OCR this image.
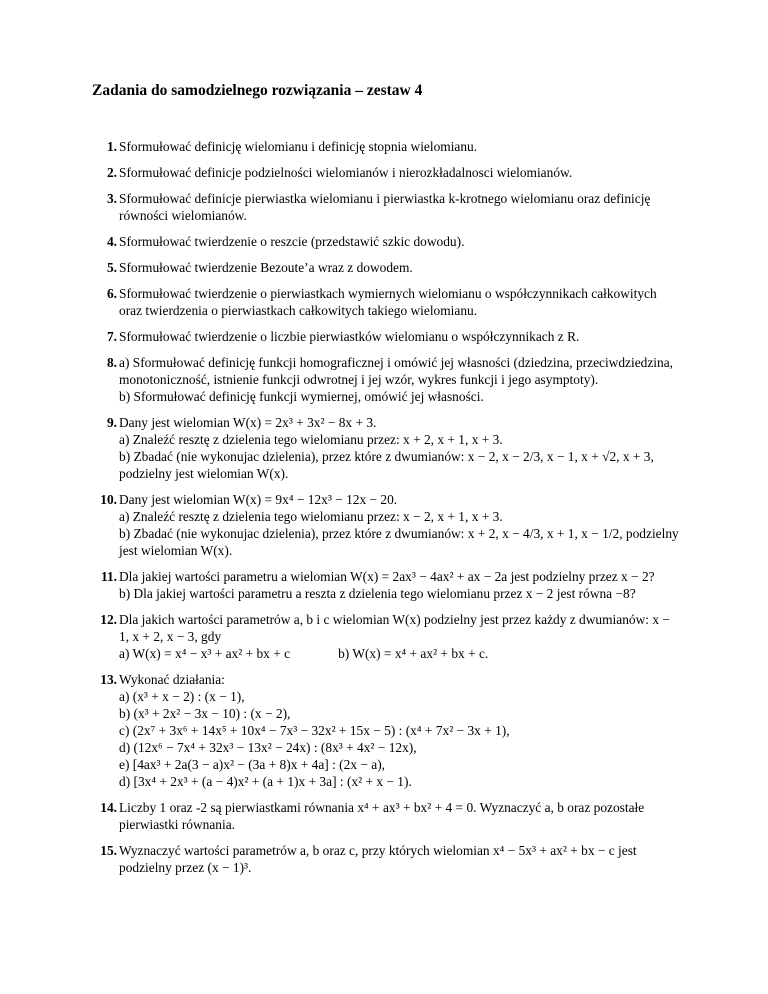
Zadania do samodzielnego rozwiązania – zestaw 4
1. Sformułować definicję wielomianu i definicję stopnia wielomianu.
2. Sformułować definicje podzielności wielomianów i nierozkładalnosci wielomianów.
3. Sformułować definicje pierwiastka wielomianu i pierwiastka k-krotnego wielomianu oraz definicję równości wielomianów.
4. Sformułować twierdzenie o reszcie (przedstawić szkic dowodu).
5. Sformułować twierdzenie Bezoute’a wraz z dowodem.
6. Sformułować twierdzenie o pierwiastkach wymiernych wielomianu o współczynnikach całkowitych oraz twierdzenia o pierwiastkach całkowitych takiego wielomianu.
7. Sformułować twierdzenie o liczbie pierwiastków wielomianu o współczynnikach z R.
8. a) Sformułować definicję funkcji homograficznej i omówić jej własności (dziedzina, przeciwdziedzina, monotoniczność, istnienie funkcji odwrotnej i jej wzór, wykres funkcji i jego asymptoty).
b) Sformułować definicję funkcji wymiernej, omówić jej własności.
9. Dany jest wielomian W(x) = 2x³ + 3x² − 8x + 3.
a) Znaleźć resztę z dzielenia tego wielomianu przez: x + 2, x + 1, x + 3.
b) Zbadać (nie wykonujac dzielenia), przez które z dwumianów: x − 2, x − 2/3, x − 1, x + √2, x + 3, podzielny jest wielomian W(x).
10. Dany jest wielomian W(x) = 9x⁴ − 12x³ − 12x − 20.
a) Znaleźć resztę z dzielenia tego wielomianu przez: x − 2, x + 1, x + 3.
b) Zbadać (nie wykonujac dzielenia), przez które z dwumianów: x + 2, x − 4/3, x + 1, x − 1/2, podzielny jest wielomian W(x).
11. Dla jakiej wartości parametru a wielomian W(x) = 2ax³ − 4ax² + ax − 2a jest podzielny przez x − 2?
b) Dla jakiej wartości parametru a reszta z dzielenia tego wielomianu przez x − 2 jest równa −8?
12. Dla jakich wartości parametrów a, b i c wielomian W(x) podzielny jest przez każdy z dwumianów: x − 1, x + 2, x − 3, gdy
a) W(x) = x⁴ − x³ + ax² + bx + c	b) W(x) = x⁴ + ax² + bx + c.
13. Wykonać działania:
a) (x³ + x − 2) : (x − 1),
b) (x³ + 2x² − 3x − 10) : (x − 2),
c) (2x⁷ + 3x⁶ + 14x⁵ + 10x⁴ − 7x³ − 32x² + 15x − 5) : (x⁴ + 7x² − 3x + 1),
d) (12x⁶ − 7x⁴ + 32x³ − 13x² − 24x) : (8x³ + 4x² − 12x),
e) [4ax³ + 2a(3 − a)x² − (3a + 8)x + 4a] : (2x − a),
d) [3x⁴ + 2x³ + (a − 4)x² + (a + 1)x + 3a] : (x² + x − 1).
14. Liczby 1 oraz -2 są pierwiastkami równania x⁴ + ax³ + bx² + 4 = 0. Wyznaczyć a, b oraz pozostałe pierwiastki równania.
15. Wyznaczyć wartości parametrów a, b oraz c, przy których wielomian x⁴ − 5x³ + ax² + bx − c jest podzielny przez (x − 1)³.
